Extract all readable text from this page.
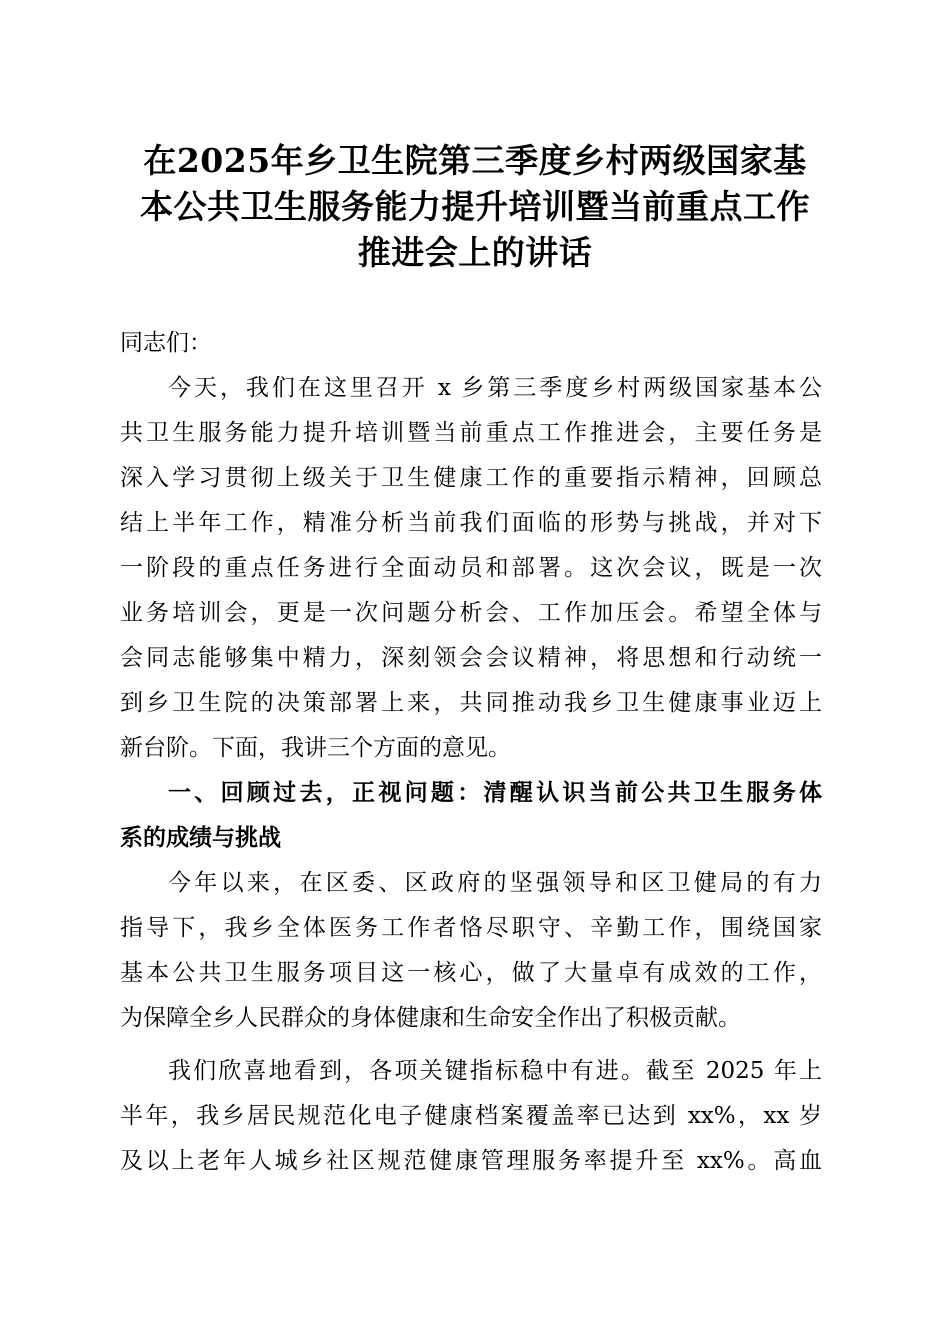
在2025年乡卫生院第三季度乡村两级国家基
本公共卫生服务能力提升培训暨当前重点工作
推进会上的讲话
同志们：
今天，我们在这里召开 x 乡第三季度乡村两级国家基本公
共卫生服务能力提升培训暨当前重点工作推进会，主要任务是
深入学习贯彻上级关于卫生健康工作的重要指示精神，回顾总
结上半年工作，精准分析当前我们面临的形势与挑战，并对下
一阶段的重点任务进行全面动员和部署。这次会议，既是一次
业务培训会，更是一次问题分析会、工作加压会。希望全体与
会同志能够集中精力，深刻领会会议精神，将思想和行动统一
到乡卫生院的决策部署上来，共同推动我乡卫生健康事业迈上
新台阶。下面，我讲三个方面的意见。
一、回顾过去，正视问题：清醒认识当前公共卫生服务体
系的成绩与挑战
今年以来，在区委、区政府的坚强领导和区卫健局的有力
指导下，我乡全体医务工作者恪尽职守、辛勤工作，围绕国家
基本公共卫生服务项目这一核心，做了大量卓有成效的工作，
为保障全乡人民群众的身体健康和生命安全作出了积极贡献。
我们欣喜地看到，各项关键指标稳中有进。截至 2025 年上
半年，我乡居民规范化电子健康档案覆盖率已达到 xx%，xx 岁
及以上老年人城乡社区规范健康管理服务率提升至 xx%。高血
